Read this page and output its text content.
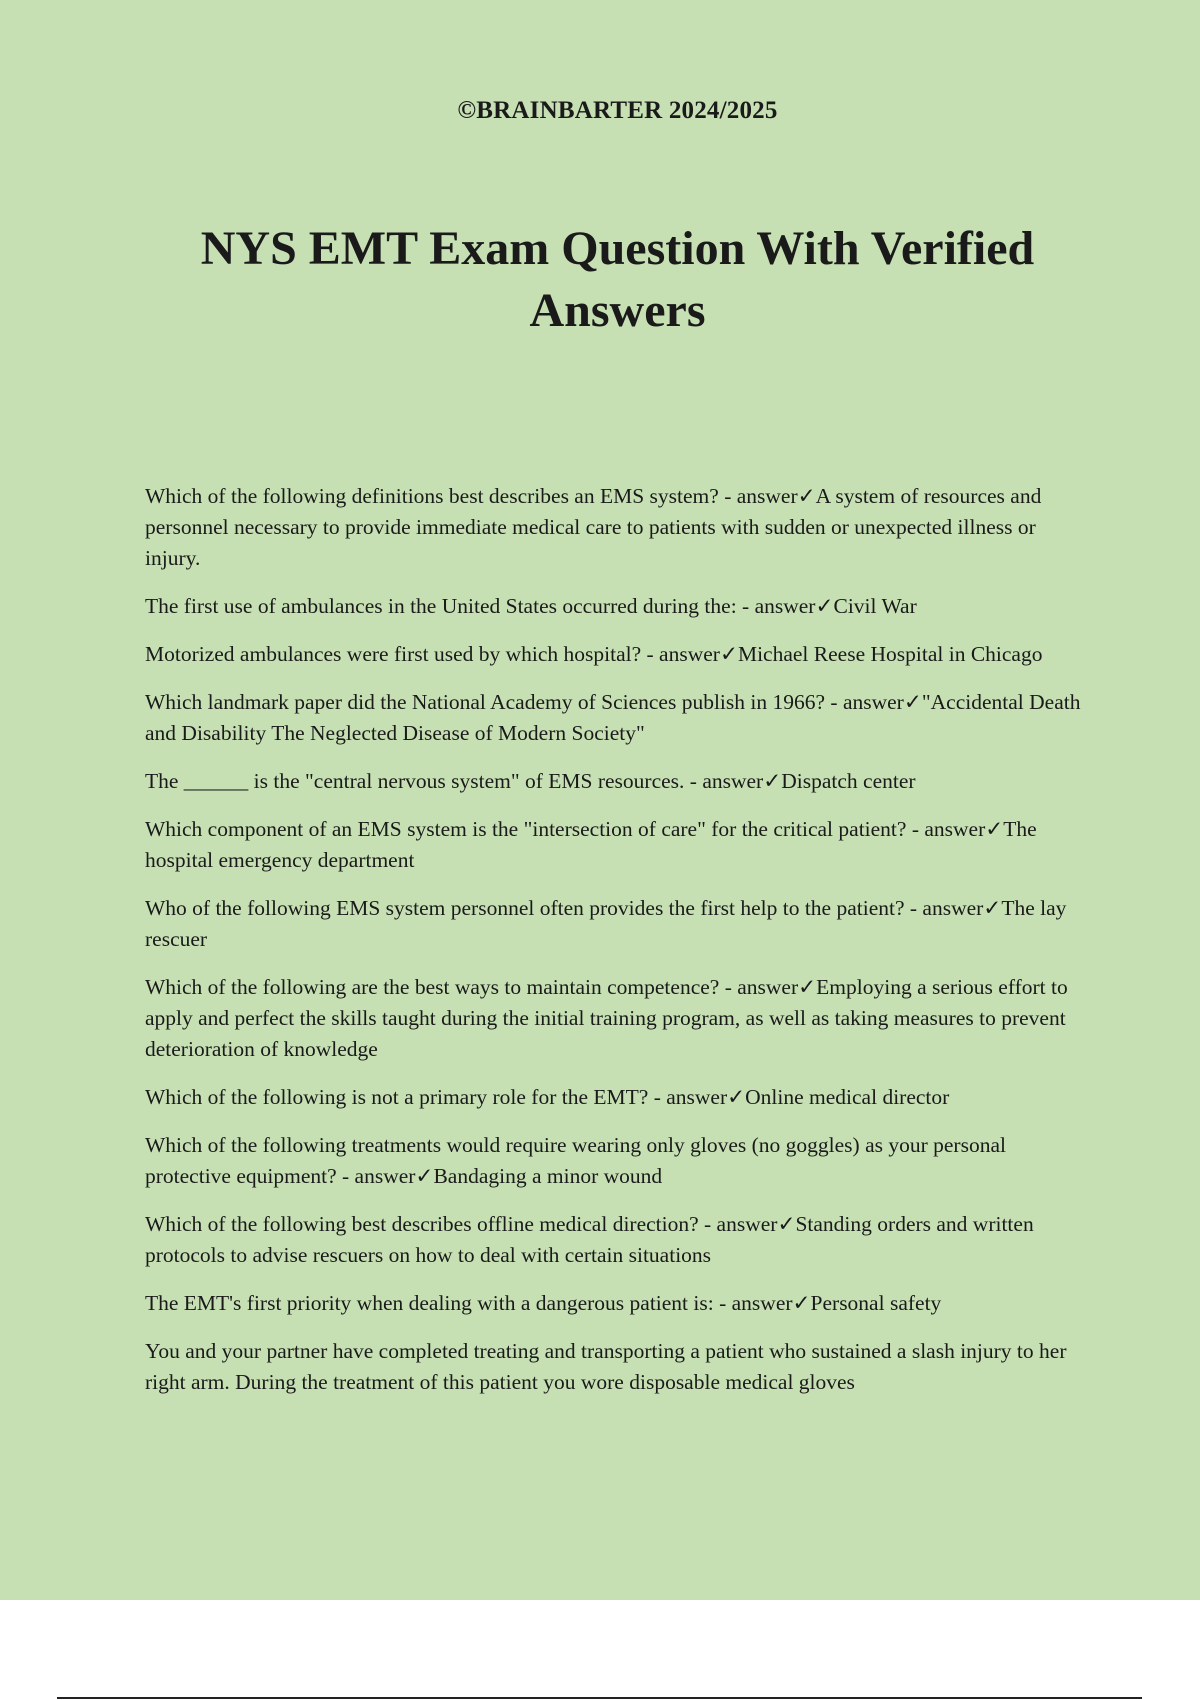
©BRAINBARTER 2024/2025
NYS EMT Exam Question With Verified Answers

Which of the following definitions best describes an EMS system? - answer✓A system of resources and personnel necessary to provide immediate medical care to patients with sudden or unexpected illness or injury.

The first use of ambulances in the United States occurred during the: - answer✓Civil War

Motorized ambulances were first used by which hospital? - answer✓Michael Reese Hospital in Chicago

Which landmark paper did the National Academy of Sciences publish in 1966? - answer✓"Accidental Death and Disability The Neglected Disease of Modern Society"

The ______ is the "central nervous system" of EMS resources. - answer✓Dispatch center

Which component of an EMS system is the "intersection of care" for the critical patient? - answer✓The hospital emergency department

Who of the following EMS system personnel often provides the first help to the patient? - answer✓The lay rescuer

Which of the following are the best ways to maintain competence? - answer✓Employing a serious effort to apply and perfect the skills taught during the initial training program, as well as taking measures to prevent deterioration of knowledge

Which of the following is not a primary role for the EMT? - answer✓Online medical director

Which of the following treatments would require wearing only gloves (no goggles) as your personal protective equipment? - answer✓Bandaging a minor wound

Which of the following best describes offline medical direction? - answer✓Standing orders and written protocols to advise rescuers on how to deal with certain situations

The EMT's first priority when dealing with a dangerous patient is: - answer✓Personal safety

You and your partner have completed treating and transporting a patient who sustained a slash injury to her right arm. During the treatment of this patient you wore disposable medical gloves
